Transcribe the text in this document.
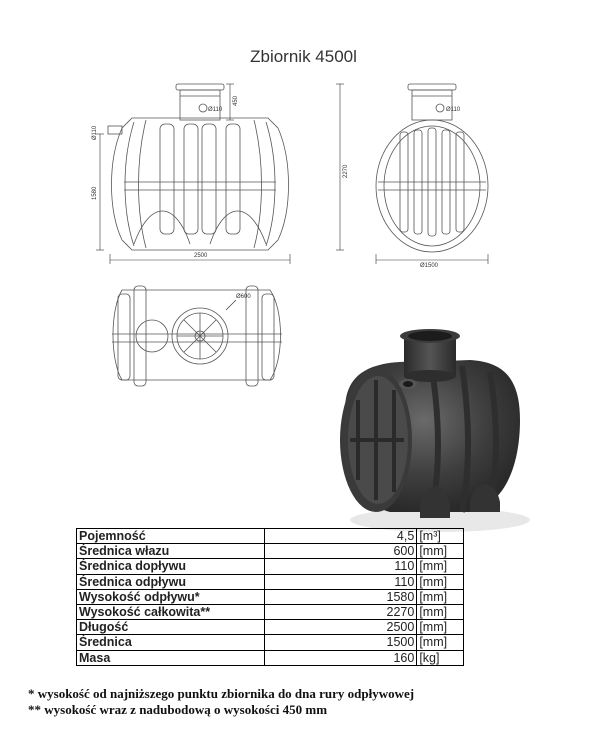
Zbiornik 4500l
Ø110
Ø110
450
1580
2270
2500
Ø110
Ø1500
Ø600
Pojemność	4,5	[m³]
Średnica włazu	600	[mm]
Średnica dopływu	110	[mm]
Średnica odpływu	110	[mm]
Wysokość odpływu*	1580	[mm]
Wysokość całkowita**	2270	[mm]
Długość	2500	[mm]
Średnica	1500	[mm]
Masa	160	[kg]
* wysokość od najniższego punktu zbiornika do dna rury odpływowej
** wysokość wraz z nadubodową o wysokości 450 mm
